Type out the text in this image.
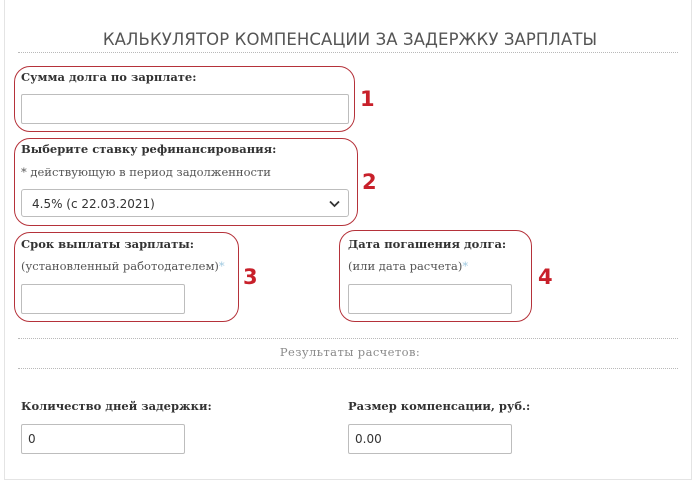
КАЛЬКУЛЯТОР КОМПЕНСАЦИИ ЗА ЗАДЕРЖКУ ЗАРПЛАТЫ
Сумма долга по зарплате:
1
Выберите ставку рефинансирования:
* действующую в период задолженности
4.5% (с 22.03.2021)
2
Срок выплаты зарплаты:
(установленный работодателем)* 3
Дата погашения долга:
(или дата расчета)*	4
Результаты расчетов:
Количество дней задержки:
0
Размер компенсации, руб.:
0.00
